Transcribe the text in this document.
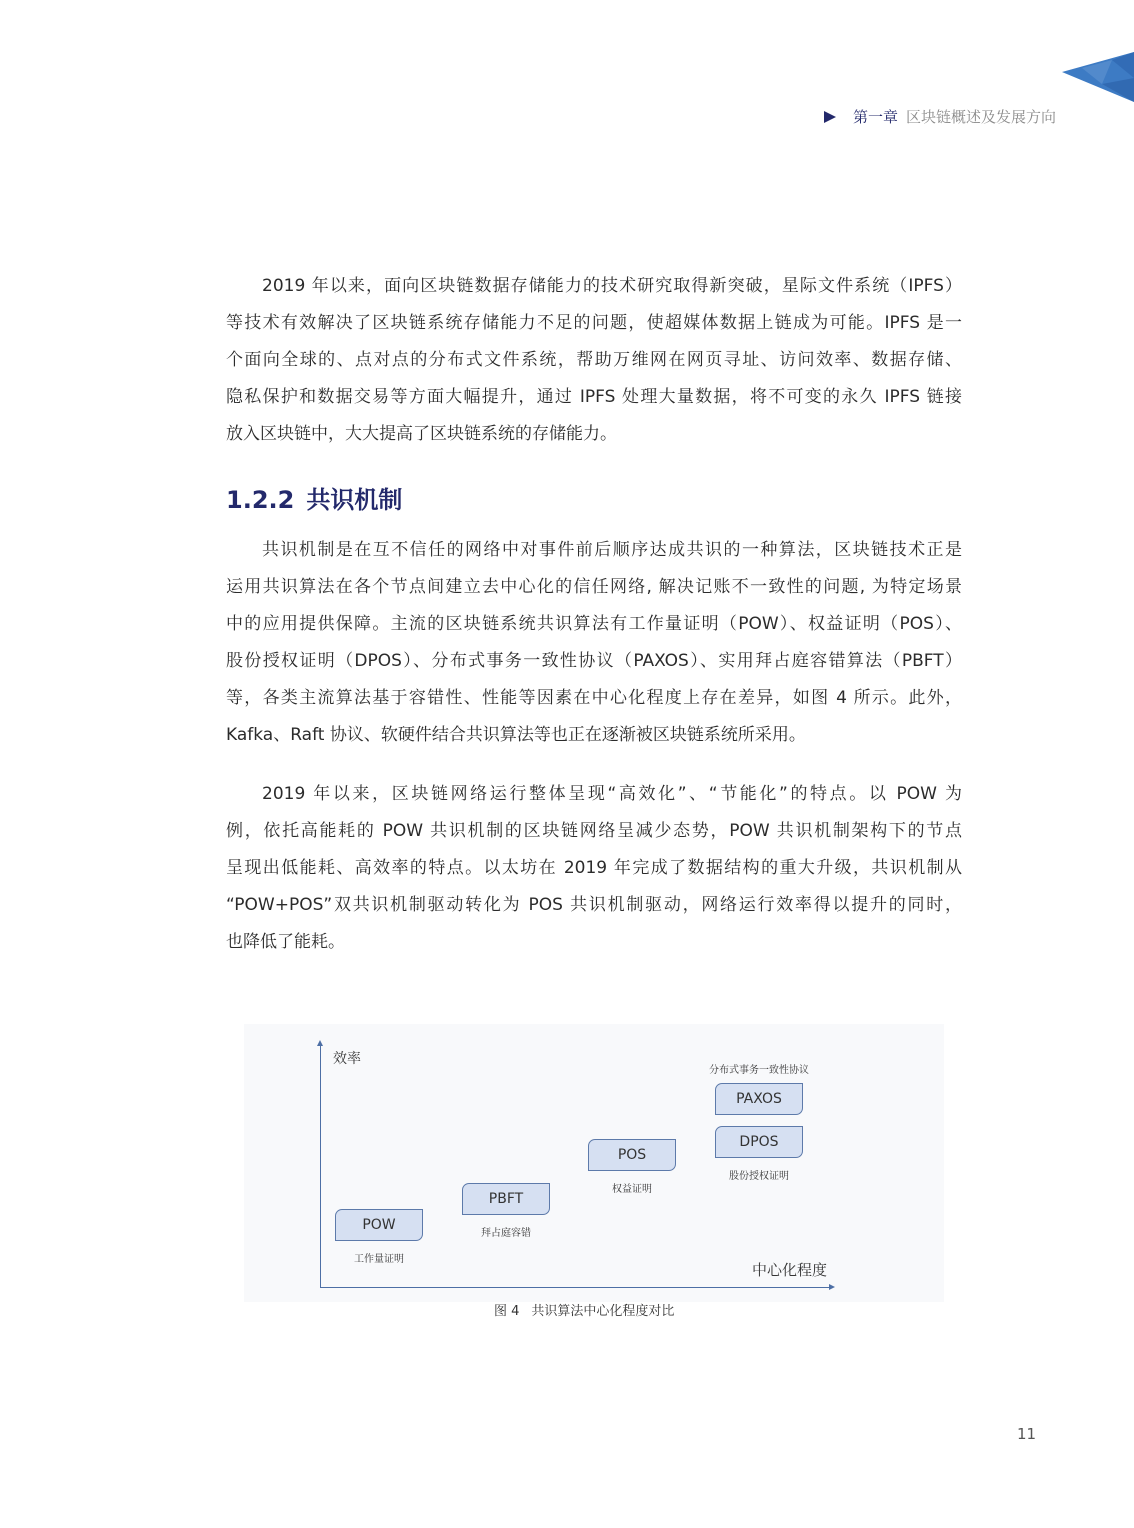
第一章 区块链概述及发展方向

2019 年以来，面向区块链数据存储能力的技术研究取得新突破，星际文件系统（IPFS）
等技术有效解决了区块链系统存储能力不足的问题，使超媒体数据上链成为可能。IPFS 是一
个面向全球的、点对点的分布式文件系统，帮助万维网在网页寻址、访问效率、数据存储、
隐私保护和数据交易等方面大幅提升，通过 IPFS 处理大量数据，将不可变的永久 IPFS 链接
放入区块链中，大大提高了区块链系统的存储能力。

1.2.2 共识机制

共识机制是在互不信任的网络中对事件前后顺序达成共识的一种算法，区块链技术正是
运用共识算法在各个节点间建立去中心化的信任网络, 解决记账不一致性的问题, 为特定场景
中的应用提供保障。主流的区块链系统共识算法有工作量证明（POW）、权益证明（POS）、
股份授权证明（DPOS）、分布式事务一致性协议（PAXOS）、实用拜占庭容错算法（PBFT）
等，各类主流算法基于容错性、性能等因素在中心化程度上存在差异，如图 4 所示。此外，
Kafka、Raft 协议、软硬件结合共识算法等也正在逐渐被区块链系统所采用。

2019 年以来，区块链网络运行整体呈现“高效化”、“节能化”的特点。以 POW 为
例，依托高能耗的 POW 共识机制的区块链网络呈减少态势，POW 共识机制架构下的节点
呈现出低能耗、高效率的特点。以太坊在 2019 年完成了数据结构的重大升级，共识机制从
“POW+POS”双共识机制驱动转化为 POS 共识机制驱动，网络运行效率得以提升的同时，
也降低了能耗。

效率
中心化程度
POW
工作量证明
PBFT
拜占庭容错
POS
权益证明
分布式事务一致性协议
PAXOS
DPOS
股份授权证明
图 4 共识算法中心化程度对比
11
